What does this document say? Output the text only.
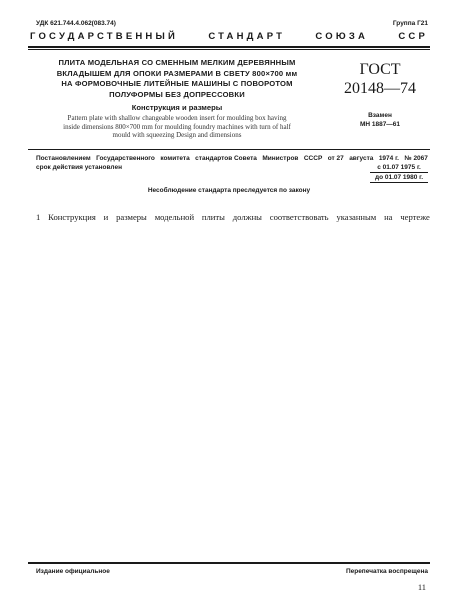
УДК 621.744.4.062(083.74)	Группа Г21
ГОСУДАРСТВЕННЫЙ	СТАНДАРТ	СОЮЗА	ССР
ПЛИТА МОДЕЛЬНАЯ СО СМЕННЫМ МЕЛКИМ ДЕРЕВЯННЫМ
ВКЛАДЫШЕМ ДЛЯ ОПОКИ РАЗМЕРАМИ В СВЕТУ 800×700 мм
НА ФОРМОВОЧНЫЕ ЛИТЕЙНЫЕ МАШИНЫ С ПОВОРОТОМ
ПОЛУФОРМЫ БЕЗ ДОПРЕССОВКИ
Конструкция и размеры
Pattern plate with shallow changeable wooden insert for moulding box having
inside dimensions 800×700 mm for moulding foundry machines with turn of half
mould with squeezing Design and dimensions
ГОСТ
20148—74
Взамен
МН 1887—61
Постановлением Государственного комитета стандартов Совета Министров СССР от 27 августа 1974 г. № 2067
срок действия установлен	с 01.07 1975 г.
до 01.07 1980 г.
Несоблюдение стандарта преследуется по закону
1 Конструкция и размеры модельной плиты должны соответствовать указанным на чертеже
Издание официальное	Перепечатка воспрещена
11
